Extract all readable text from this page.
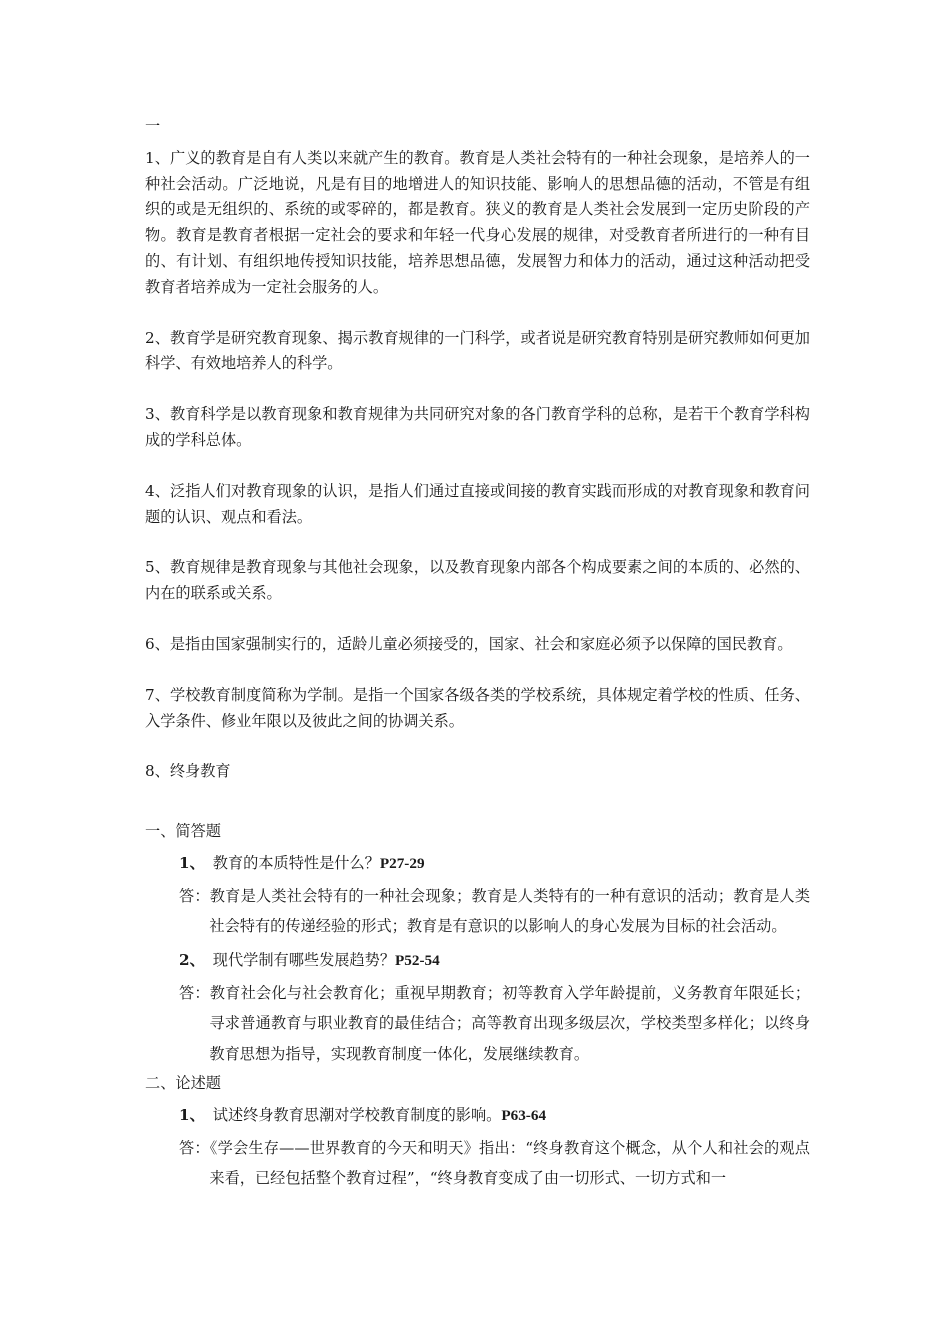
一

1、广义的教育是自有人类以来就产生的教育。教育是人类社会特有的一种社会现象，是培养人的一种社会活动。广泛地说，凡是有目的地增进人的知识技能、影响人的思想品德的活动，不管是有组织的或是无组织的、系统的或零碎的，都是教育。狭义的教育是人类社会发展到一定历史阶段的产物。教育是教育者根据一定社会的要求和年轻一代身心发展的规律，对受教育者所进行的一种有目的、有计划、有组织地传授知识技能，培养思想品德，发展智力和体力的活动，通过这种活动把受教育者培养成为一定社会服务的人。

2、教育学是研究教育现象、揭示教育规律的一门科学，或者说是研究教育特别是研究教师如何更加科学、有效地培养人的科学。

3、教育科学是以教育现象和教育规律为共同研究对象的各门教育学科的总称，是若干个教育学科构成的学科总体。

4、泛指人们对教育现象的认识，是指人们通过直接或间接的教育实践而形成的对教育现象和教育问题的认识、观点和看法。

5、教育规律是教育现象与其他社会现象，以及教育现象内部各个构成要素之间的本质的、必然的、内在的联系或关系。

6、是指由国家强制实行的，适龄儿童必须接受的，国家、社会和家庭必须予以保障的国民教育。

7、学校教育制度简称为学制。是指一个国家各级各类的学校系统，具体规定着学校的性质、任务、入学条件、修业年限以及彼此之间的协调关系。

8、终身教育

一、简答题

1、 教育的本质特性是什么？P27-29

答：教育是人类社会特有的一种社会现象；教育是人类特有的一种有意识的活动；教育是人类社会特有的传递经验的形式；教育是有意识的以影响人的身心发展为目标的社会活动。

2、 现代学制有哪些发展趋势？P52-54

答：教育社会化与社会教育化；重视早期教育；初等教育入学年龄提前，义务教育年限延长；寻求普通教育与职业教育的最佳结合；高等教育出现多级层次，学校类型多样化；以终身教育思想为指导，实现教育制度一体化，发展继续教育。

二、论述题

1、 试述终身教育思潮对学校教育制度的影响。P63-64

答：《学会生存——世界教育的今天和明天》指出：“终身教育这个概念，从个人和社会的观点来看，已经包括整个教育过程”，“终身教育变成了由一切形式、一切方式和一
